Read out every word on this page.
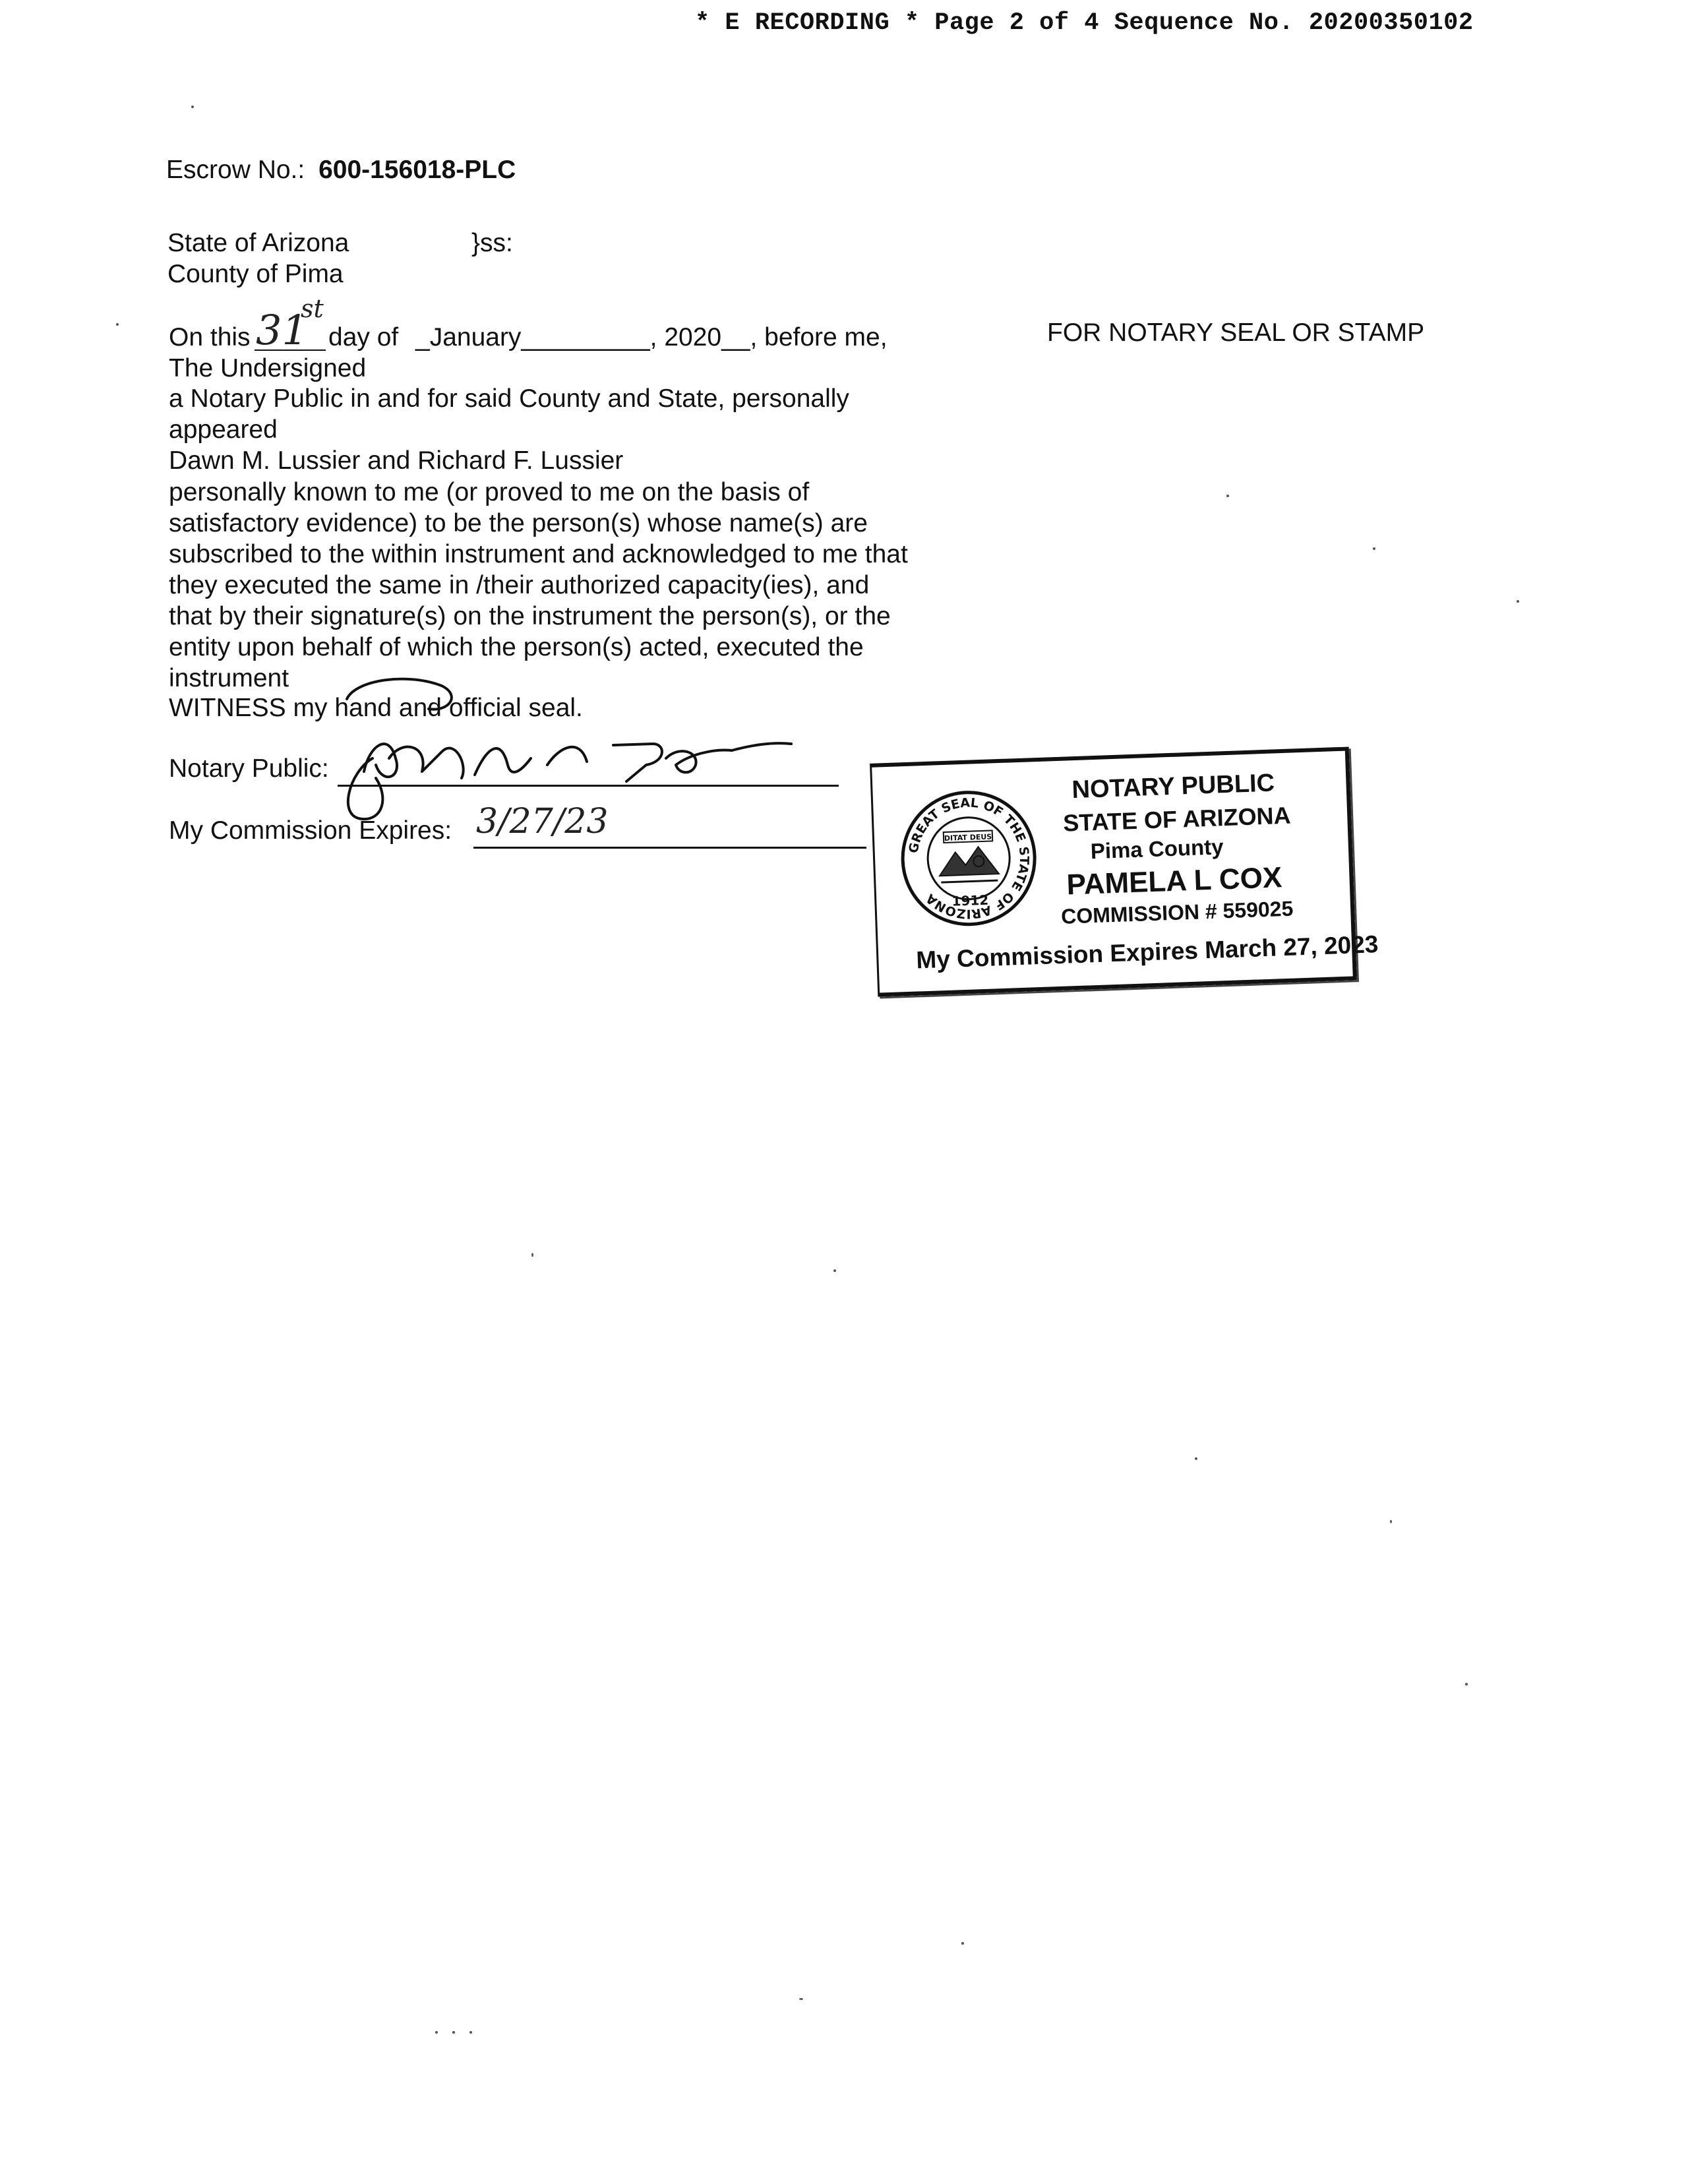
* E RECORDING * Page 2 of 4 Sequence No. 20200350102
Escrow No.: 600-156018-PLC
State of Arizona	}ss:
County of Pima
On this 31
st
day of _January_________, 2020__, before me,	FOR NOTARY SEAL OR STAMP
The Undersigned
a Notary Public in and for said County and State, personally
appeared
Dawn M. Lussier and Richard F. Lussier
personally known to me (or proved to me on the basis of
satisfactory evidence) to be the person(s) whose name(s) are
subscribed to the within instrument and acknowledged to me that
they executed the same in /their authorized capacity(ies), and
that by their signature(s) on the instrument the person(s), or the
entity upon behalf of which the person(s) acted, executed the
instrument
WITNESS my hand and official seal.
Notary Public:
My Commission Expires: 3/27/23
GREAT SEAL OF THE STATE OF ARIZONA
DITAT DEUS
1912
NOTARY PUBLIC
STATE OF ARIZONA
Pima County
PAMELA L COX
COMMISSION # 559025
My Commission Expires March 27, 2023
